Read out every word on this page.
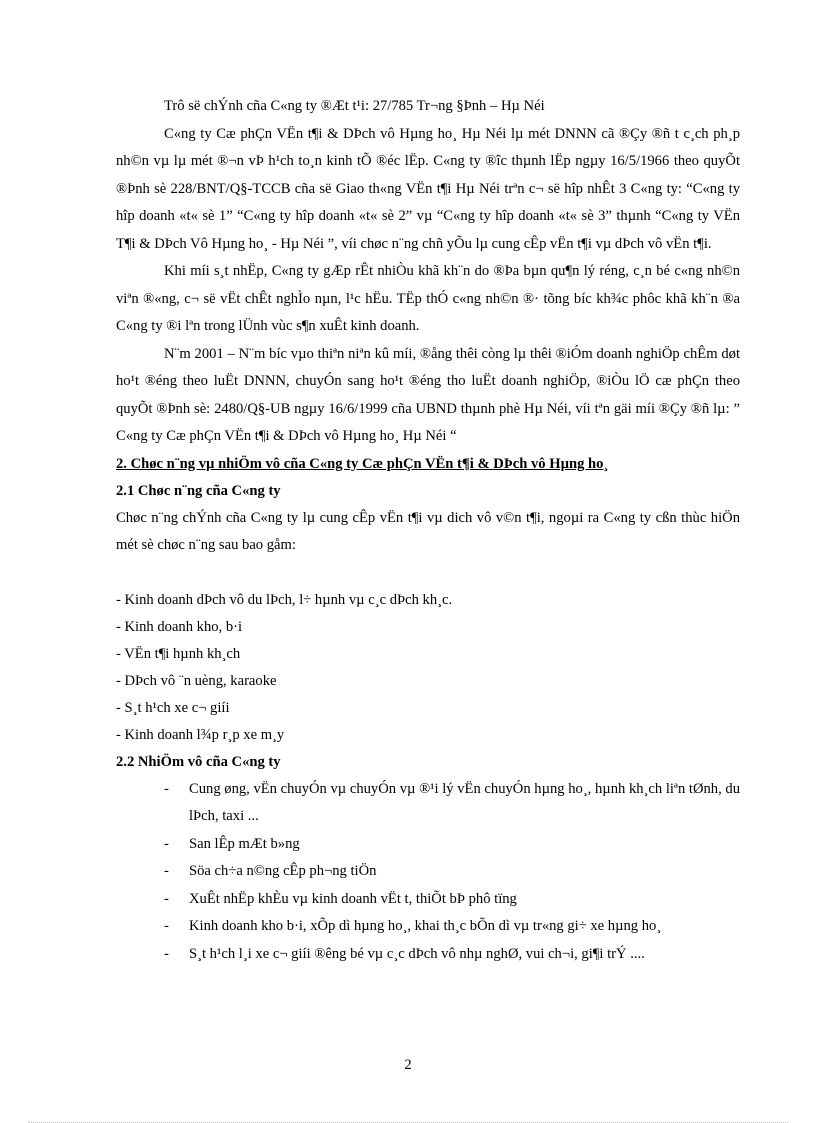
Trô së chÝnh cña C«ng ty ®Æt t¹i: 27/785 Tr¬ng §Þnh – Hµ Néi

C«ng ty Cæ phÇn VËn t¶i & DÞch vô Hµng ho¸ Hµ Néi lµ mét DNNN cã ®Çy ®ñ t c¸ch ph¸p nh©n vµ lµ mét ®¬n vÞ h¹ch to¸n kinh tÕ ®éc lËp. C«ng ty ®îc thµnh lËp ngµy 16/5/1966 theo quyÕt ®Þnh sè 228/BNT/Q§-TCCB cña së Giao th«ng VËn t¶i Hµ Néi trªn c¬ së hîp nhÊt 3 C«ng ty: “C«ng ty hîp doanh «t« sè 1” “C«ng ty hîp doanh «t« sè 2” vµ “C«ng ty hîp doanh «t« sè 3” thµnh “C«ng ty VËn T¶i & DÞch Vô Hµng ho¸ - Hµ Néi ”, víi chøc n¨ng chñ yÕu lµ cung cÊp vËn t¶i vµ dÞch vô vËn t¶i.

Khi míi s¸t nhËp, C«ng ty gÆp rÊt nhiÒu khã kh¨n do ®Þa bµn qu¶n lý réng, c¸n bé c«ng nh©n viªn ®«ng, c¬ së vËt chÊt nghÌo nµn, l¹c hËu. TËp thÓ c«ng nh©n ®· tõng bíc kh¾c phôc khã kh¨n ®a C«ng ty ®i lªn trong lÜnh vùc s¶n xuÊt kinh doanh.

N¨m 2001 – N¨m bíc vµo thiªn niªn kû míi, ®ång thêi còng lµ thêi ®iÓm doanh nghiÖp chÊm døt ho¹t ®éng theo luËt DNNN, chuyÓn sang ho¹t ®éng tho luËt doanh nghiÖp, ®iÒu lÖ cæ phÇn theo quyÕt ®Þnh sè: 2480/Q§-UB ngµy 16/6/1999 cña UBND thµnh phè Hµ Néi, víi tªn gäi míi ®Çy ®ñ lµ: ” C«ng ty Cæ phÇn VËn t¶i & DÞch vô Hµng ho¸ Hµ Néi “

2. Chøc n¨ng vµ nhiÖm vô cña C«ng ty Cæ phÇn VËn t¶i & DÞch vô Hµng ho¸

2.1 Chøc n¨ng cña C«ng ty

Chøc n¨ng chÝnh cña C«ng ty lµ cung cÊp vËn t¶i vµ dich vô v©n t¶i, ngoµi ra C«ng ty cßn thùc hiÖn mét sè chøc n¨ng sau bao gåm:

- Kinh doanh dÞch vô du lÞch, l÷ hµnh vµ c¸c dÞch kh¸c.

- Kinh doanh kho, b·i

- VËn t¶i hµnh kh¸ch

- DÞch vô ¨n uèng, karaoke

- S¸t h¹ch xe c¬ giíi

- Kinh doanh l¾p r¸p xe m¸y

2.2 NhiÖm vô cña C«ng ty

- Cung øng, vËn chuyÓn vµ chuyÓn vµ ®¹i lý vËn chuyÓn hµng ho¸, hµnh kh¸ch liªn tØnh, du lÞch, taxi ...
- San lÊp mÆt b»ng
- Söa ch÷a n©ng cÊp ph¬ng tiÖn
- XuÊt nhËp khÈu vµ kinh doanh vËt t, thiÕt bÞ phô tïng
- Kinh doanh kho b·i, xÕp dì hµng ho¸, khai th¸c bÕn dì vµ tr«ng gi÷ xe hµng ho¸
- S¸t h¹ch l¸i xe c¬ giíi ®êng bé vµ c¸c dÞch vô nhµ nghØ, vui ch¬i, gi¶i trÝ ....
2
